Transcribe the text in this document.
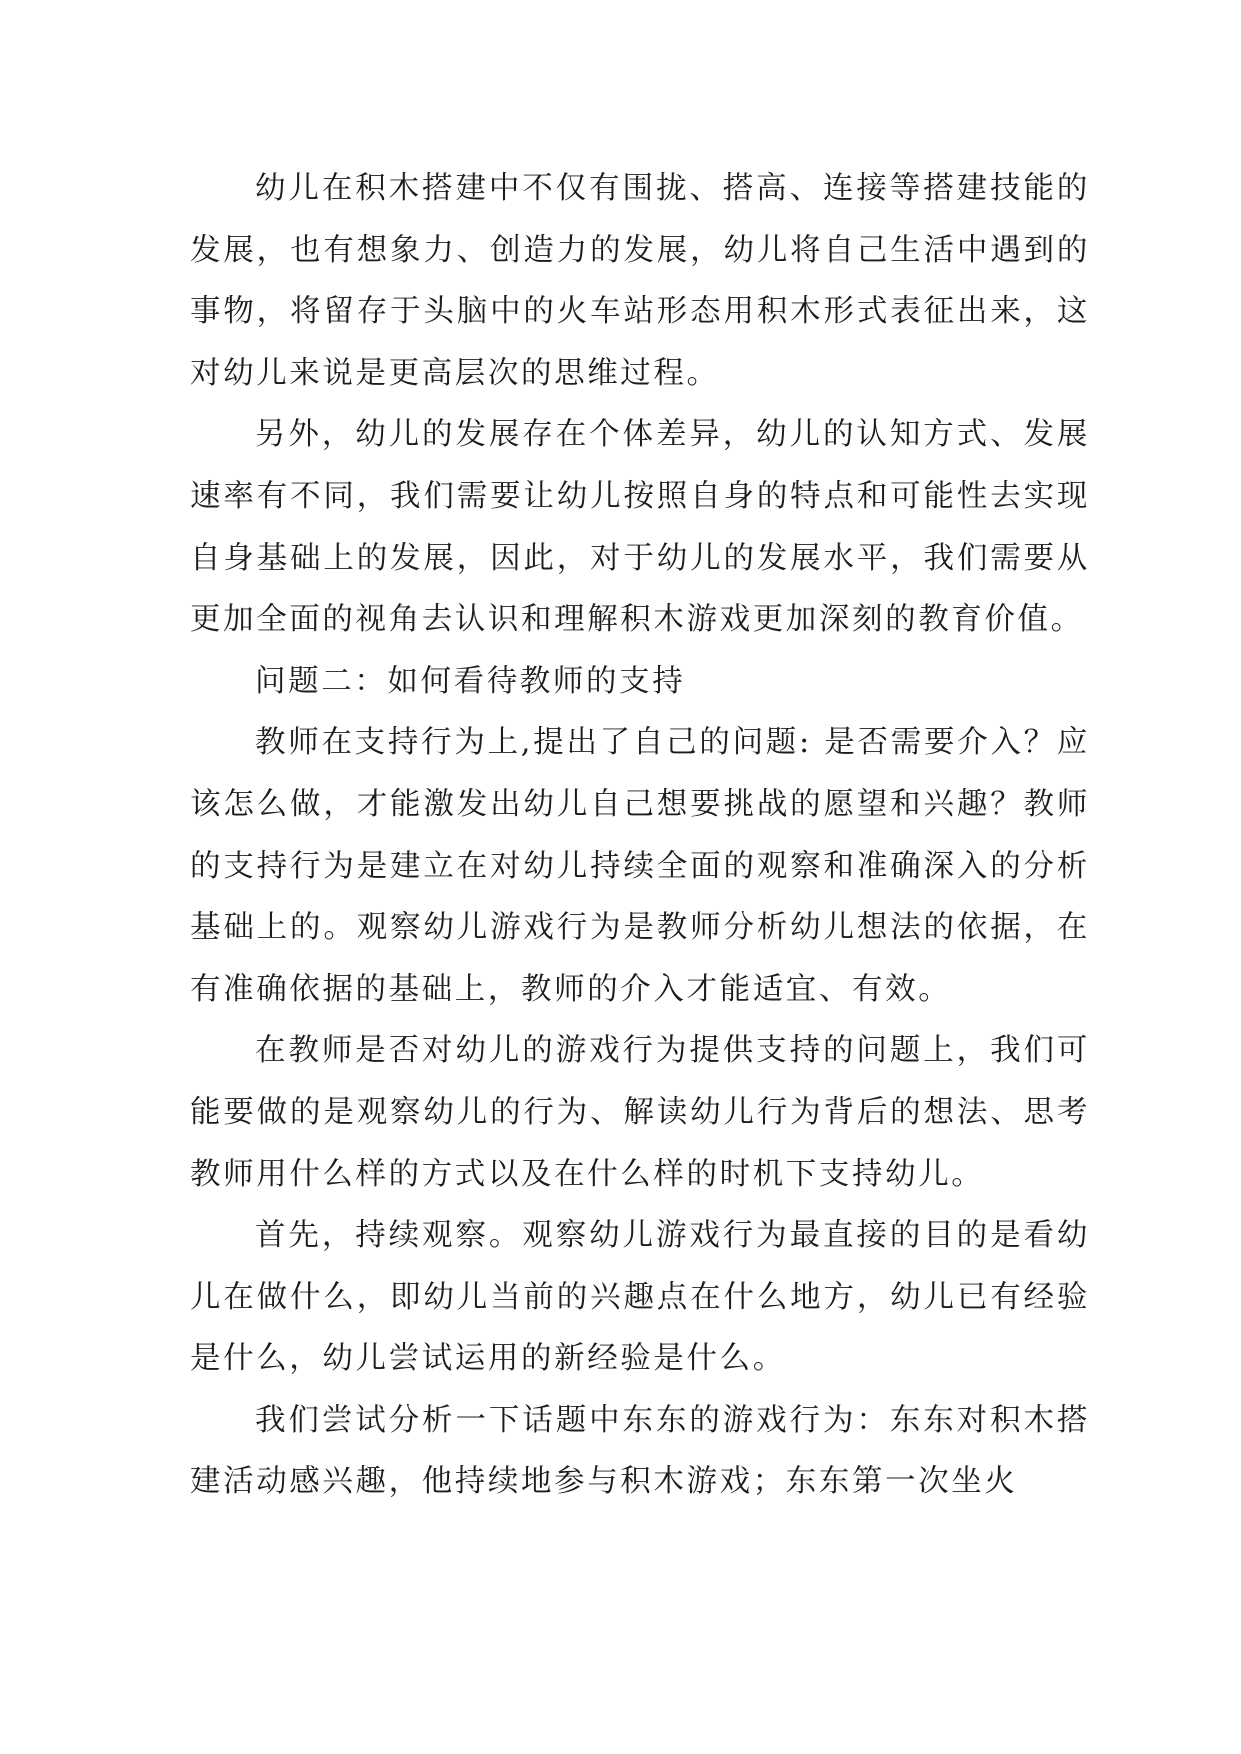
幼儿在积木搭建中不仅有围拢、搭高、连接等搭建技能的发展，也有想象力、创造力的发展，幼儿将自己生活中遇到的事物，将留存于头脑中的火车站形态用积木形式表征出来，这对幼儿来说是更高层次的思维过程。

另外，幼儿的发展存在个体差异，幼儿的认知方式、发展速率有不同，我们需要让幼儿按照自身的特点和可能性去实现自身基础上的发展，因此，对于幼儿的发展水平，我们需要从更加全面的视角去认识和理解积木游戏更加深刻的教育价值。

问题二：如何看待教师的支持

教师在支持行为上,提出了自己的问题: 是否需要介入？应该怎么做，才能激发出幼儿自己想要挑战的愿望和兴趣？教师的支持行为是建立在对幼儿持续全面的观察和准确深入的分析基础上的。观察幼儿游戏行为是教师分析幼儿想法的依据，在有准确依据的基础上，教师的介入才能适宜、有效。

在教师是否对幼儿的游戏行为提供支持的问题上，我们可能要做的是观察幼儿的行为、解读幼儿行为背后的想法、思考教师用什么样的方式以及在什么样的时机下支持幼儿。

首先，持续观察。观察幼儿游戏行为最直接的目的是看幼儿在做什么，即幼儿当前的兴趣点在什么地方，幼儿已有经验是什么，幼儿尝试运用的新经验是什么。

我们尝试分析一下话题中东东的游戏行为：东东对积木搭建活动感兴趣，他持续地参与积木游戏；东东第一次坐火
